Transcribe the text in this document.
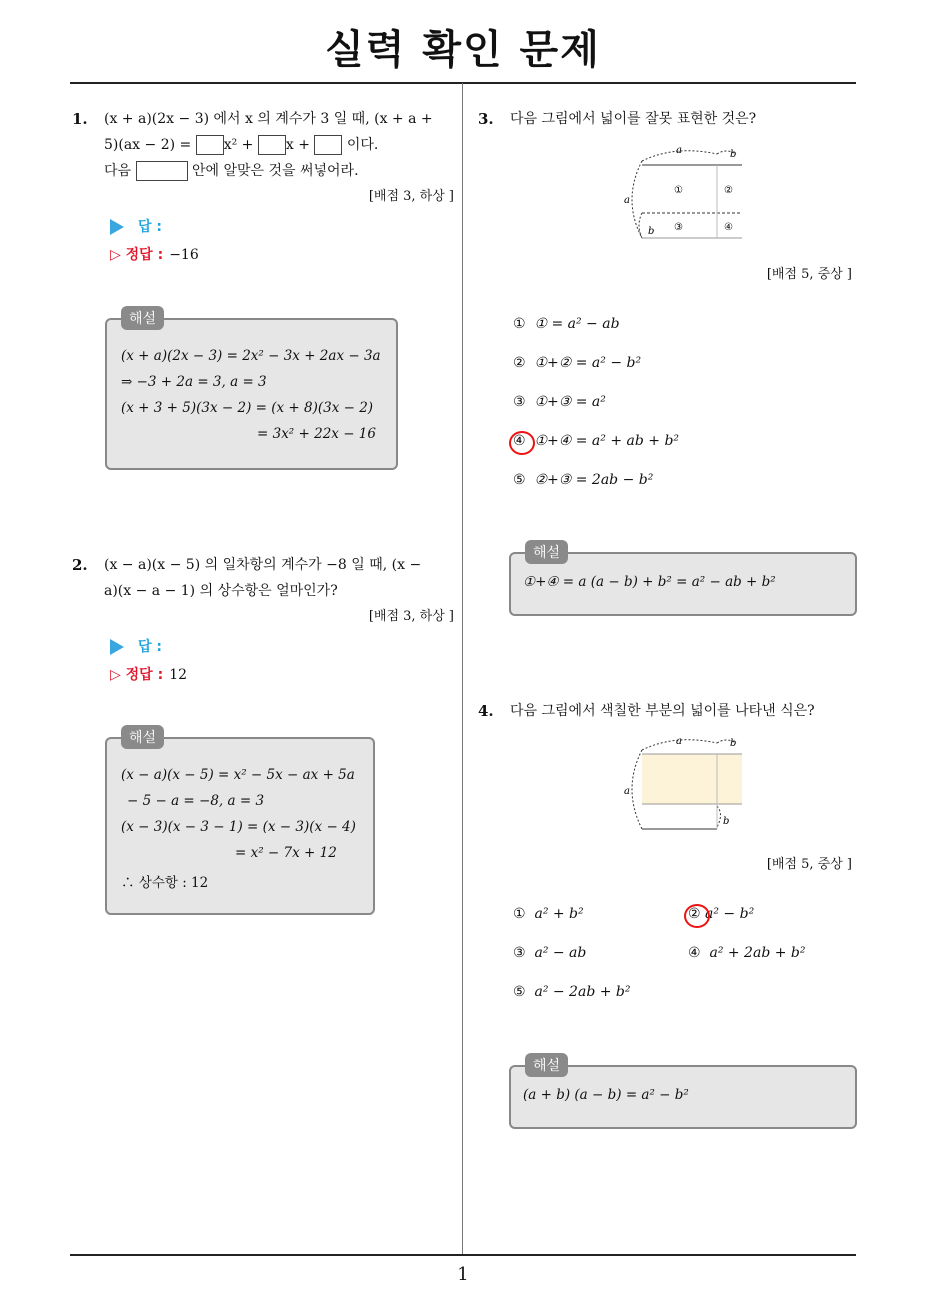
실력 확인 문제
1
1. (x + a)(2x − 3) 에서 x 의 계수가 3 일 때, (x + a +
5)(ax − 2) = x² + x +  이다.
다음	안에 알맞은 것을 써넣어라.
[배점 3, 하상 ]
답 :
▷ 정답 : −16
해설
(x + a)(2x − 3) = 2x² − 3x + 2ax − 3a
⇒ −3 + 2a = 3, a = 3
(x + 3 + 5)(3x − 2) = (x + 8)(3x − 2)
= 3x² + 22x − 16
2. (x − a)(x − 5) 의 일차항의 계수가 −8 일 때, (x −
a)(x − a − 1) 의 상수항은 얼마인가?
[배점 3, 하상 ]
답 :
▷ 정답 : 12
해설
(x − a)(x − 5) = x² − 5x − ax + 5a
− 5 − a = −8, a = 3
(x − 3)(x − 3 − 1) = (x − 3)(x − 4)
= x² − 7x + 12
∴ 상수항 : 12
3. 다음 그림에서 넓이를 잘못 표현한 것은?
a	b
a
b
①	②
③	④
[배점 5, 중상 ]
① ① = a² − ab
② ①+② = a² − b²
③ ①+③ = a²
④ ①+④ = a² + ab + b²
⑤ ②+③ = 2ab − b²
해설
①+④ = a (a − b) + b² = a² − ab + b²
4. 다음 그림에서 색칠한 부분의 넓이를 나타낸 식은?
a	b
a
b
[배점 5, 중상 ]
① a² + b²	② a² − b²
③ a² − ab	④ a² + 2ab + b²
⑤ a² − 2ab + b²
해설
(a + b) (a − b) = a² − b²
